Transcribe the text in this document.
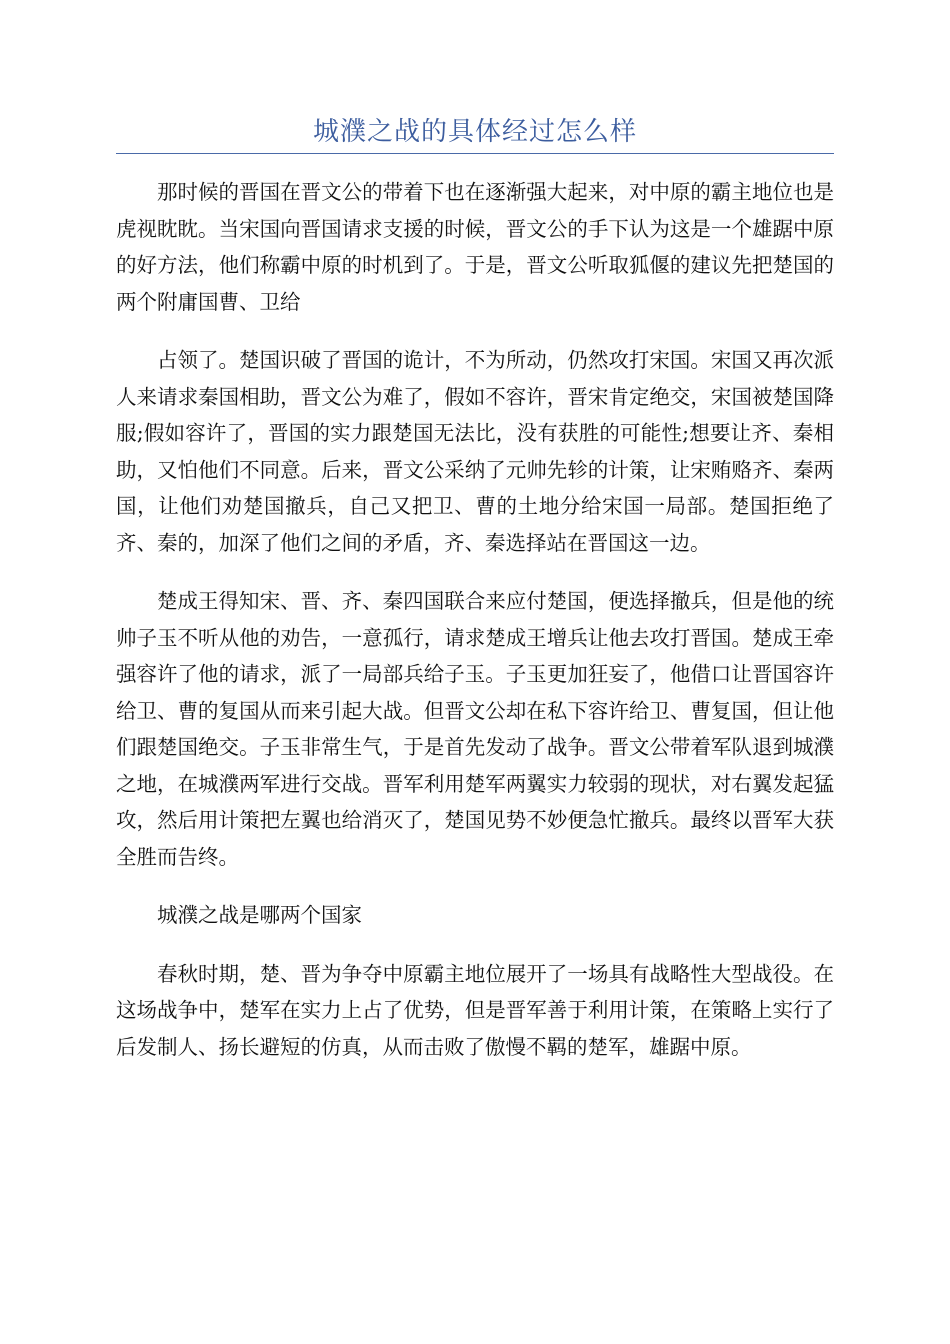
城濮之战的具体经过怎么样

那时候的晋国在晋文公的带着下也在逐渐强大起来，对中原的霸主地位也是虎视眈眈。当宋国向晋国请求支援的时候，晋文公的手下认为这是一个雄踞中原的好方法，他们称霸中原的时机到了。于是，晋文公听取狐偃的建议先把楚国的两个附庸国曹、卫给

占领了。楚国识破了晋国的诡计，不为所动，仍然攻打宋国。宋国又再次派人来请求秦国相助，晋文公为难了，假如不容许，晋宋肯定绝交，宋国被楚国降服;假如容许了，晋国的实力跟楚国无法比，没有获胜的可能性;想要让齐、秦相助，又怕他们不同意。后来，晋文公采纳了元帅先轸的计策，让宋贿赂齐、秦两国，让他们劝楚国撤兵，自己又把卫、曹的土地分给宋国一局部。楚国拒绝了齐、秦的，加深了他们之间的矛盾，齐、秦选择站在晋国这一边。

楚成王得知宋、晋、齐、秦四国联合来应付楚国，便选择撤兵，但是他的统帅子玉不听从他的劝告，一意孤行，请求楚成王增兵让他去攻打晋国。楚成王牵强容许了他的请求，派了一局部兵给子玉。子玉更加狂妄了，他借口让晋国容许给卫、曹的复国从而来引起大战。但晋文公却在私下容许给卫、曹复国，但让他们跟楚国绝交。子玉非常生气，于是首先发动了战争。晋文公带着军队退到城濮之地，在城濮两军进行交战。晋军利用楚军两翼实力较弱的现状，对右翼发起猛攻，然后用计策把左翼也给消灭了，楚国见势不妙便急忙撤兵。最终以晋军大获全胜而告终。

城濮之战是哪两个国家

春秋时期，楚、晋为争夺中原霸主地位展开了一场具有战略性大型战役。在这场战争中，楚军在实力上占了优势，但是晋军善于利用计策，在策略上实行了后发制人、扬长避短的仿真，从而击败了傲慢不羁的楚军，雄踞中原。
